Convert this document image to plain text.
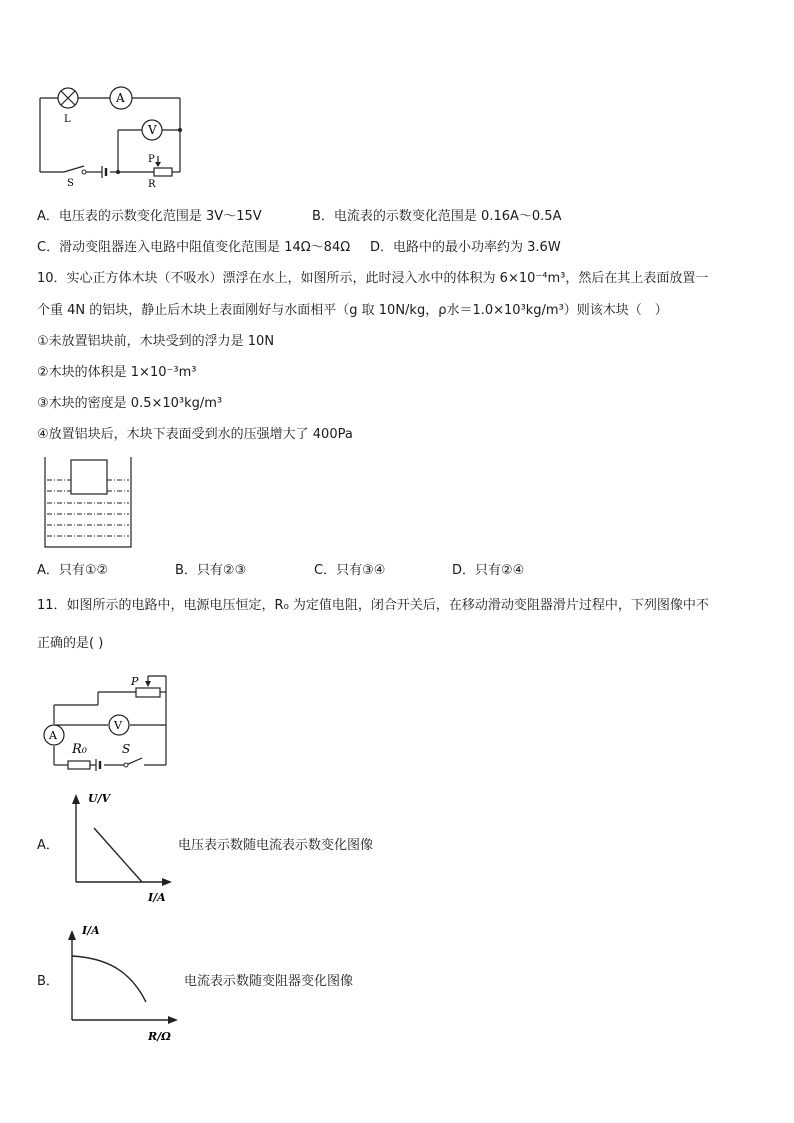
L
A
V
S
P
R
A．电压表的示数变化范围是 3V～15V	B．电流表的示数变化范围是 0.16A～0.5A
C．滑动变阻器连入电路中阻值变化范围是 14Ω～84Ω D．电路中的最小功率约为 3.6W
10．实心正方体木块（不吸水）漂浮在水上，如图所示，此时浸入水中的体积为 6×10⁻⁴m³，然后在其上表面放置一
个重 4N 的铝块，静止后木块上表面刚好与水面相平（g 取 10N/kg，ρ水＝1.0×10³kg/m³）则该木块（　）
①未放置铝块前，木块受到的浮力是 10N
②木块的体积是 1×10⁻³m³
③木块的密度是 0.5×10³kg/m³
④放置铝块后，木块下表面受到水的压强增大了 400Pa
A．只有①②	B．只有②③	C．只有③④	D．只有②④
11．如图所示的电路中，电源电压恒定，R₀ 为定值电阻，闭合开关后，在移动滑动变阻器滑片过程中，下列图像中不
正确的是( )
P
V
A
R₀	S
A．
U/V
I/A
电压表示数随电流表示数变化图像
B．
I/A
R/Ω
电流表示数随变阻器变化图像
